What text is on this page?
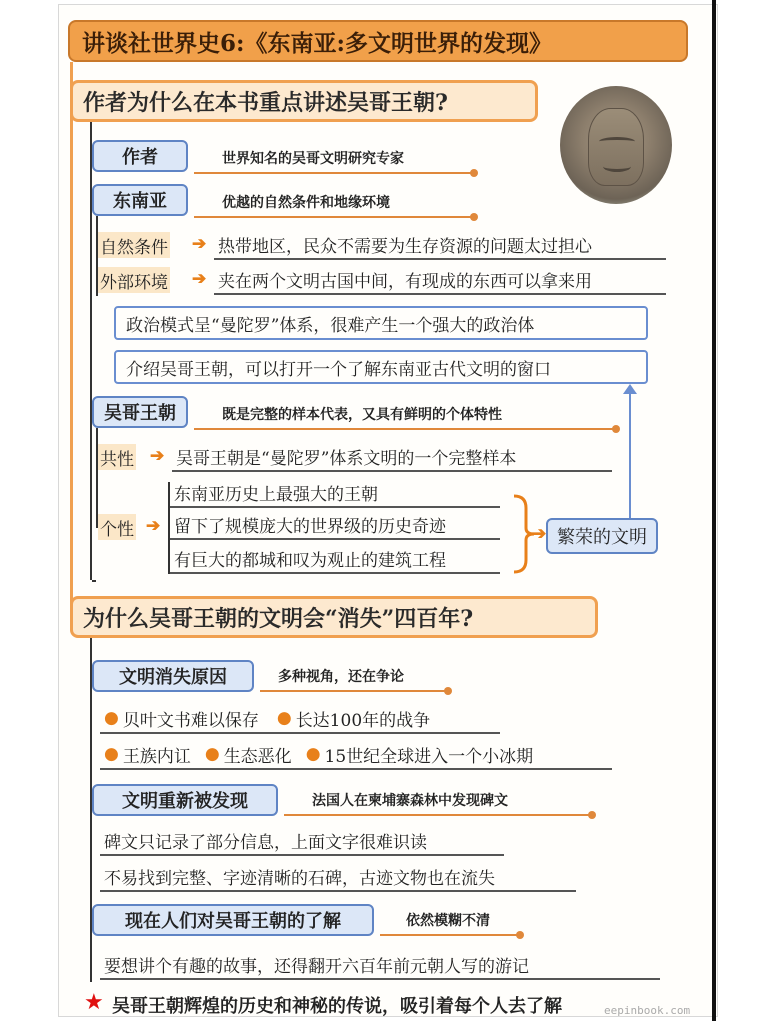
讲谈社世界史6:《东南亚:多文明世界的发现》
作者为什么在本书重点讲述吴哥王朝?
作者	世界知名的吴哥文明研究专家
东南亚	优越的自然条件和地缘环境
自然条件 ➔ 热带地区，民众不需要为生存资源的问题太过担心
外部环境 ➔ 夹在两个文明古国中间，有现成的东西可以拿来用
政治模式呈“曼陀罗”体系，很难产生一个强大的政治体
介绍吴哥王朝，可以打开一个了解东南亚古代文明的窗口
吴哥王朝	既是完整的样本代表，又具有鲜明的个体特性
共性 ➔ 吴哥王朝是“曼陀罗”体系文明的一个完整样本
个性 ➔
东南亚历史上最强大的王朝
留下了规模庞大的世界级的历史奇迹
有巨大的都城和叹为观止的建筑工程
➔ 繁荣的文明
为什么吴哥王朝的文明会“消失”四百年?
文明消失原因	多种视角，还在争论
● 贝叶文书难以保存 ● 长达100年的战争
● 王族内讧 ● 生态恶化 ● 15世纪全球进入一个小冰期
文明重新被发现	法国人在柬埔寨森林中发现碑文
碑文只记录了部分信息，上面文字很难识读
不易找到完整、字迹清晰的石碑，古迹文物也在流失
现在人们对吴哥王朝的了解	依然模糊不清
要想讲个有趣的故事，还得翻开六百年前元朝人写的游记
★ 吴哥王朝辉煌的历史和神秘的传说，吸引着每个人去了解	eepinbook.com
